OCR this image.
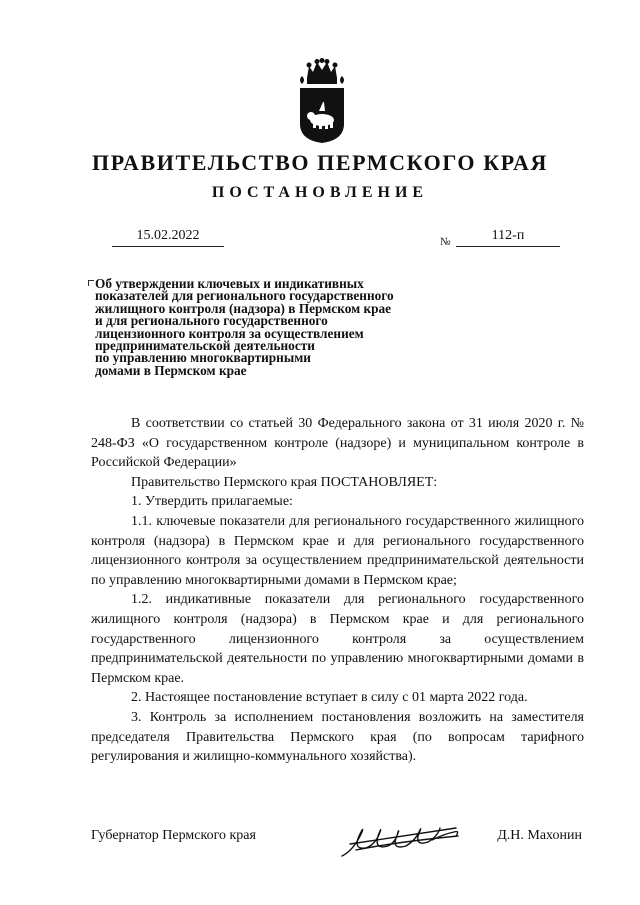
ПРАВИТЕЛЬСТВО ПЕРМСКОГО КРАЯ
ПОСТАНОВЛЕНИЕ
15.02.2022	№	112-п
Об утверждении ключевых и индикативных
показателей для регионального государственного
жилищного контроля (надзора) в Пермском крае
и для регионального государственного
лицензионного контроля за осуществлением
предпринимательской деятельности
по управлению многоквартирными
домами в Пермском крае

В соответствии со статьей 30 Федерального закона от 31 июля 2020 г. № 248-ФЗ «О государственном контроле (надзоре) и муниципальном контроле в Российской Федерации»

Правительство Пермского края ПОСТАНОВЛЯЕТ:

1. Утвердить прилагаемые:

1.1. ключевые показатели для регионального государственного жилищного контроля (надзора) в Пермском крае и для регионального государственного лицензионного контроля за осуществлением предпринимательской деятельности по управлению многоквартирными домами в Пермском крае;

1.2. индикативные показатели для регионального государственного жилищного контроля (надзора) в Пермском крае и для регионального государственного лицензионного контроля за осуществлением предпринимательской деятельности по управлению многоквартирными домами в Пермском крае.

2. Настоящее постановление вступает в силу с 01 марта 2022 года.

3. Контроль за исполнением постановления возложить на заместителя председателя Правительства Пермского края (по вопросам тарифного регулирования и жилищно-коммунального хозяйства).

Губернатор Пермского края	Д.Н. Махонин
